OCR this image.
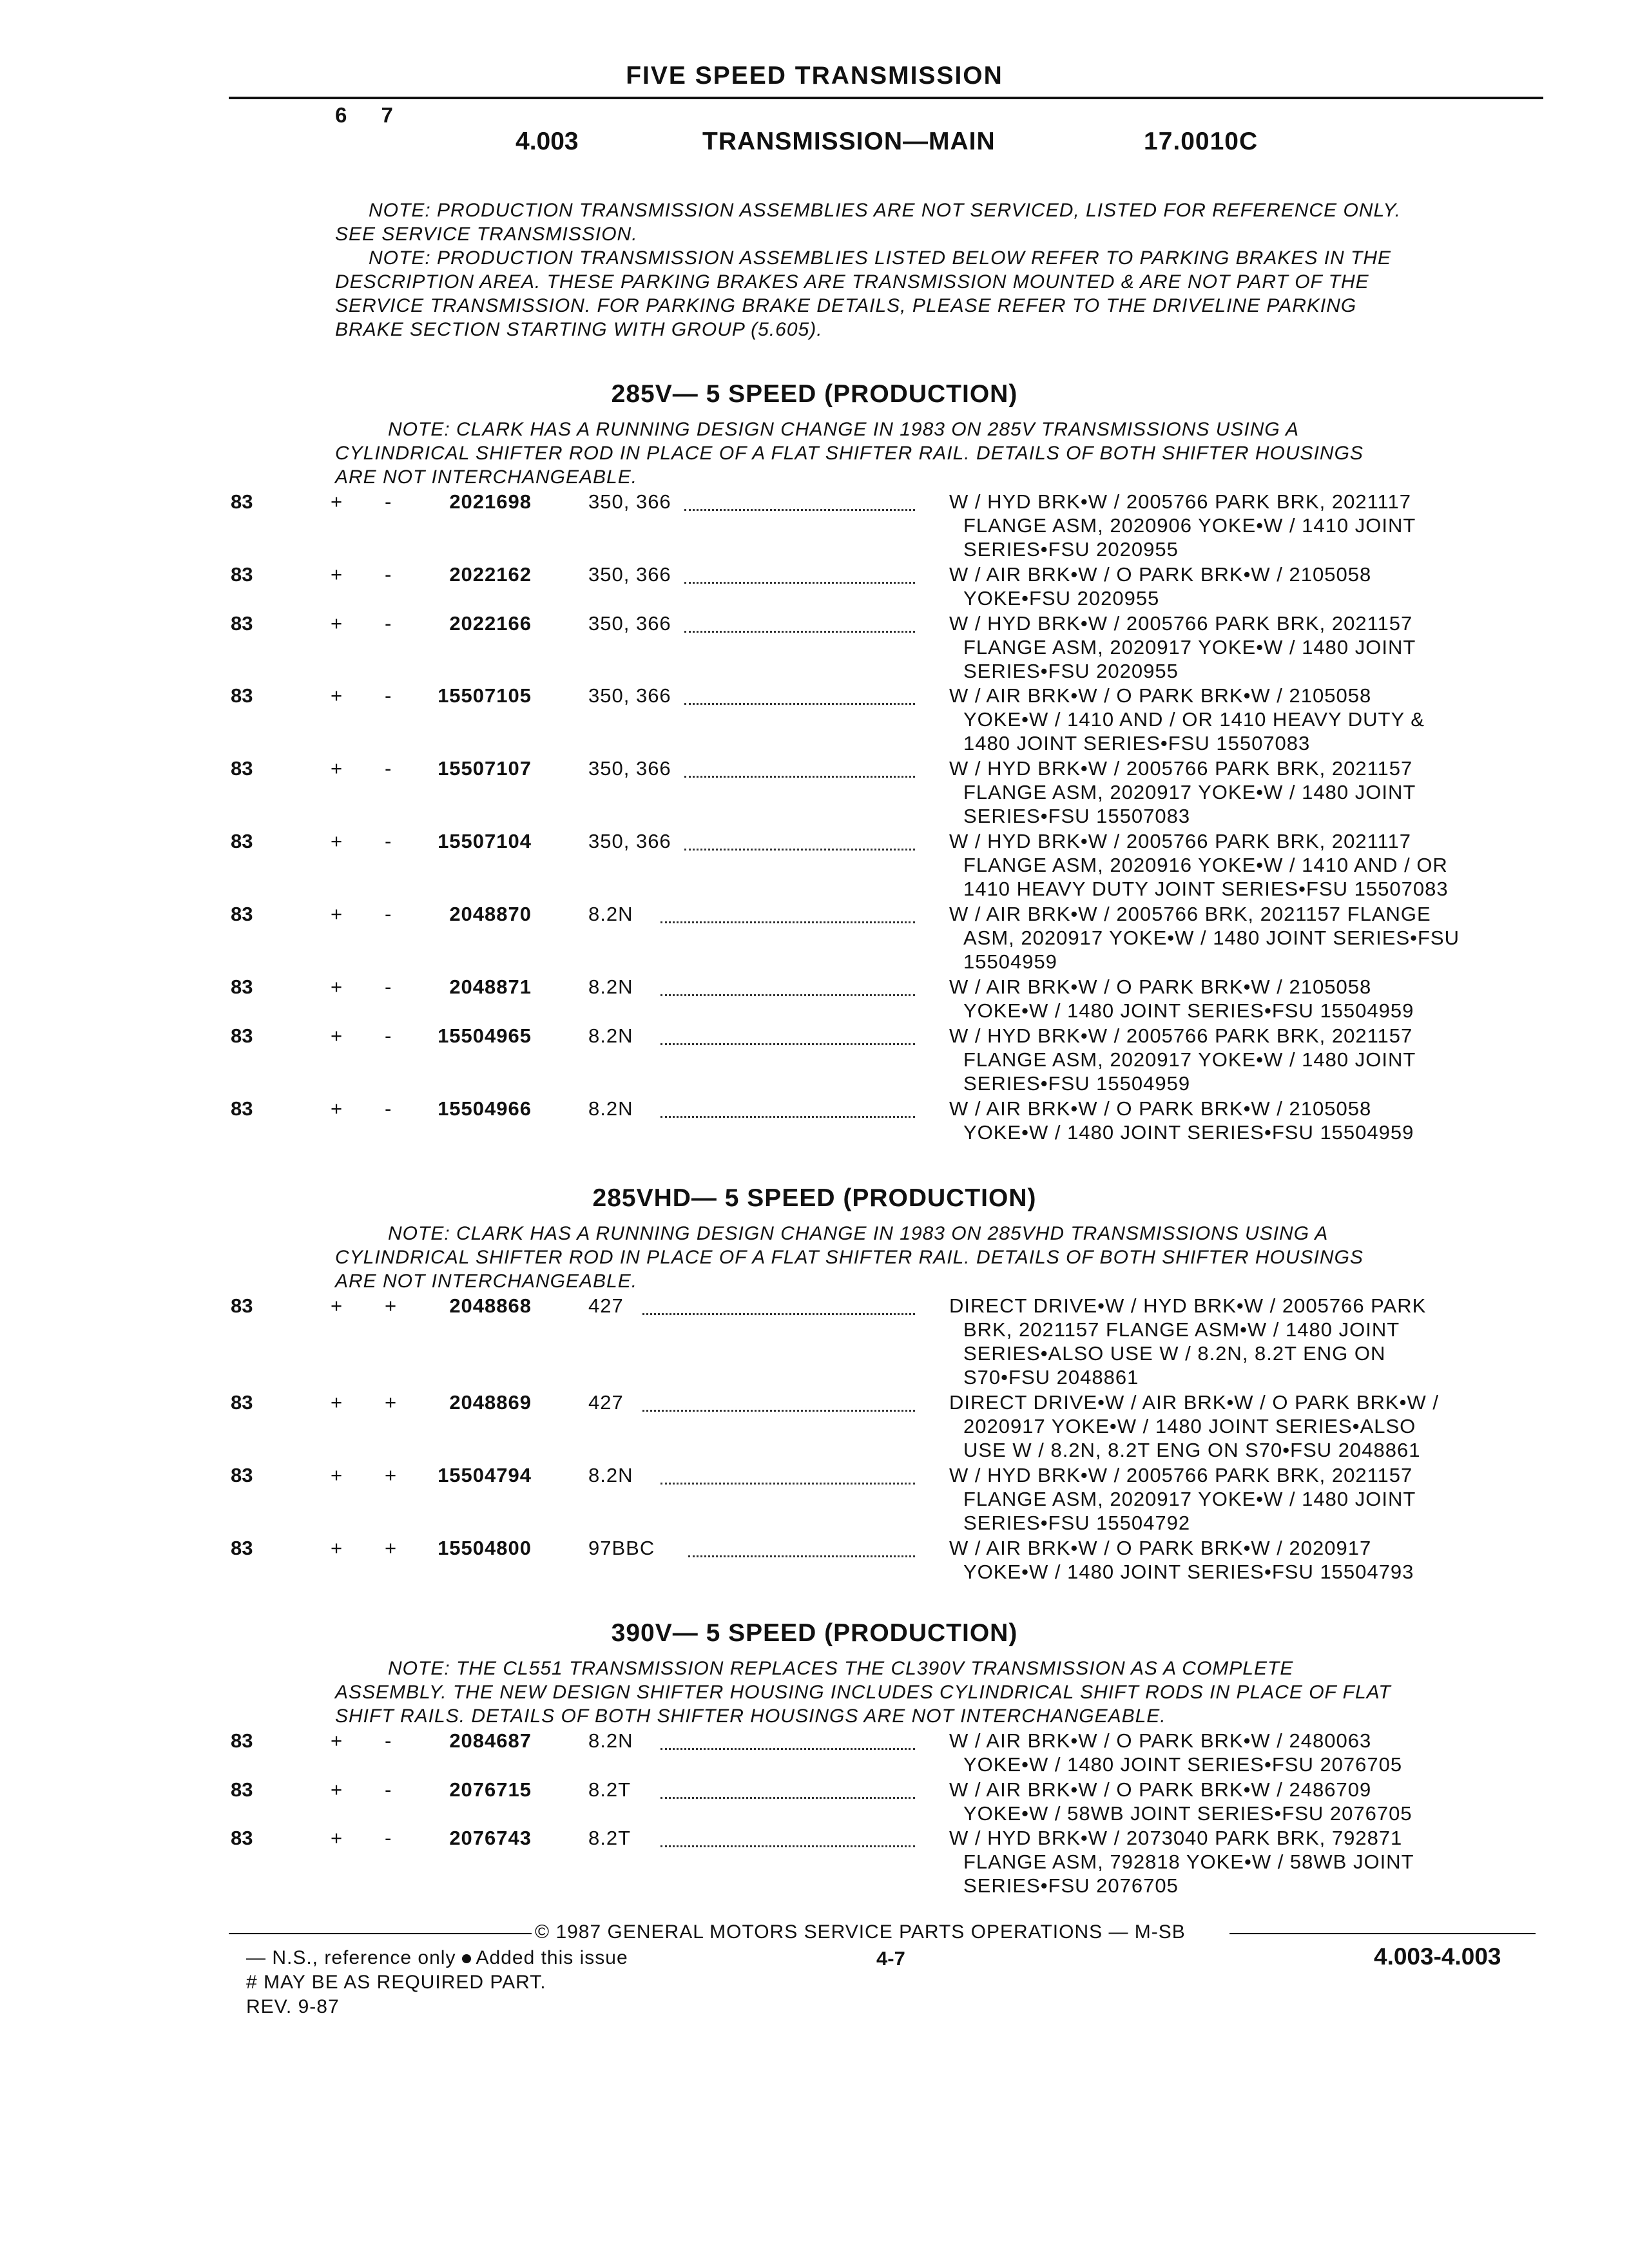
FIVE SPEED TRANSMISSION
6 7
4.003	TRANSMISSION—MAIN	17.0010C

NOTE: PRODUCTION TRANSMISSION ASSEMBLIES ARE NOT SERVICED, LISTED FOR REFERENCE ONLY.

SEE SERVICE TRANSMISSION.

NOTE: PRODUCTION TRANSMISSION ASSEMBLIES LISTED BELOW REFER TO PARKING BRAKES IN THE

DESCRIPTION AREA. THESE PARKING BRAKES ARE TRANSMISSION MOUNTED & ARE NOT PART OF THE

SERVICE TRANSMISSION. FOR PARKING BRAKE DETAILS, PLEASE REFER TO THE DRIVELINE PARKING

BRAKE SECTION STARTING WITH GROUP (5.605).

285V— 5 SPEED (PRODUCTION)

NOTE: CLARK HAS A RUNNING DESIGN CHANGE IN 1983 ON 285V TRANSMISSIONS USING A

CYLINDRICAL SHIFTER ROD IN PLACE OF A FLAT SHIFTER RAIL. DETAILS OF BOTH SHIFTER HOUSINGS

ARE NOT INTERCHANGEABLE.

83	+ -	2021698	350, 366	W / HYD BRK•W / 2005766 PARK BRK, 2021117

FLANGE ASM, 2020906 YOKE•W / 1410 JOINT

SERIES•FSU 2020955

83	+ -	2022162	350, 366	W / AIR BRK•W / O PARK BRK•W / 2105058

YOKE•FSU 2020955

83	+ -	2022166	350, 366	W / HYD BRK•W / 2005766 PARK BRK, 2021157

FLANGE ASM, 2020917 YOKE•W / 1480 JOINT

SERIES•FSU 2020955

83	+ -	15507105	350, 366	W / AIR BRK•W / O PARK BRK•W / 2105058

YOKE•W / 1410 AND / OR 1410 HEAVY DUTY &

1480 JOINT SERIES•FSU 15507083

83	+ -	15507107	350, 366	W / HYD BRK•W / 2005766 PARK BRK, 2021157

FLANGE ASM, 2020917 YOKE•W / 1480 JOINT

SERIES•FSU 15507083

83	+ -	15507104	350, 366	W / HYD BRK•W / 2005766 PARK BRK, 2021117

FLANGE ASM, 2020916 YOKE•W / 1410 AND / OR

1410 HEAVY DUTY JOINT SERIES•FSU 15507083

83	+ -	2048870	8.2N	W / AIR BRK•W / 2005766 BRK, 2021157 FLANGE

ASM, 2020917 YOKE•W / 1480 JOINT SERIES•FSU

15504959

83	+ -	2048871	8.2N	W / AIR BRK•W / O PARK BRK•W / 2105058

YOKE•W / 1480 JOINT SERIES•FSU 15504959

83	+ -	15504965	8.2N	W / HYD BRK•W / 2005766 PARK BRK, 2021157

FLANGE ASM, 2020917 YOKE•W / 1480 JOINT

SERIES•FSU 15504959

83	+ -	15504966	8.2N	W / AIR BRK•W / O PARK BRK•W / 2105058

YOKE•W / 1480 JOINT SERIES•FSU 15504959

285VHD— 5 SPEED (PRODUCTION)

NOTE: CLARK HAS A RUNNING DESIGN CHANGE IN 1983 ON 285VHD TRANSMISSIONS USING A

CYLINDRICAL SHIFTER ROD IN PLACE OF A FLAT SHIFTER RAIL. DETAILS OF BOTH SHIFTER HOUSINGS

ARE NOT INTERCHANGEABLE.

83	+ +	2048868	427	DIRECT DRIVE•W / HYD BRK•W / 2005766 PARK

BRK, 2021157 FLANGE ASM•W / 1480 JOINT

SERIES•ALSO USE W / 8.2N, 8.2T ENG ON

S70•FSU 2048861

83	+ +	2048869	427	DIRECT DRIVE•W / AIR BRK•W / O PARK BRK•W /

2020917 YOKE•W / 1480 JOINT SERIES•ALSO

USE W / 8.2N, 8.2T ENG ON S70•FSU 2048861

83	+ +	15504794	8.2N	W / HYD BRK•W / 2005766 PARK BRK, 2021157

FLANGE ASM, 2020917 YOKE•W / 1480 JOINT

SERIES•FSU 15504792

83	+ +	15504800	97BBC	W / AIR BRK•W / O PARK BRK•W / 2020917

YOKE•W / 1480 JOINT SERIES•FSU 15504793

390V— 5 SPEED (PRODUCTION)

NOTE: THE CL551 TRANSMISSION REPLACES THE CL390V TRANSMISSION AS A COMPLETE

ASSEMBLY. THE NEW DESIGN SHIFTER HOUSING INCLUDES CYLINDRICAL SHIFT RODS IN PLACE OF FLAT

SHIFT RAILS. DETAILS OF BOTH SHIFTER HOUSINGS ARE NOT INTERCHANGEABLE.

83	+ -	2084687	8.2N	W / AIR BRK•W / O PARK BRK•W / 2480063

YOKE•W / 1480 JOINT SERIES•FSU 2076705

83	+ -	2076715	8.2T	W / AIR BRK•W / O PARK BRK•W / 2486709

YOKE•W / 58WB JOINT SERIES•FSU 2076705

83	+ -	2076743	8.2T	W / HYD BRK•W / 2073040 PARK BRK, 792871

FLANGE ASM, 792818 YOKE•W / 58WB JOINT

SERIES•FSU 2076705

© 1987 GENERAL MOTORS SERVICE PARTS OPERATIONS — M-SB
— N.S., reference only Added this issue
# MAY BE AS REQUIRED PART.
REV. 9-87
4-7	4.003-4.003
